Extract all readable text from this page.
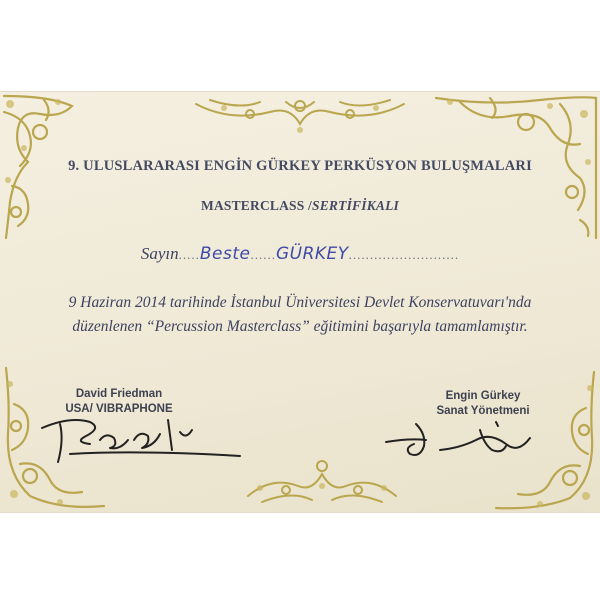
9. ULUSLARARASI ENGİN GÜRKEY PERKÜSYON BULUŞMALARI
MASTERCLASS /SERTİFİKALI
Sayın.....Beste......GÜRKEY..........................
9 Haziran 2014 tarihinde İstanbul Üniversitesi Devlet Konservatuvarı'nda
düzenlenen “Percussion Masterclass” eğitimini başarıyla tamamlamıştır.
David Friedman
USA/ VIBRAPHONE
Engin Gürkey
Sanat Yönetmeni
